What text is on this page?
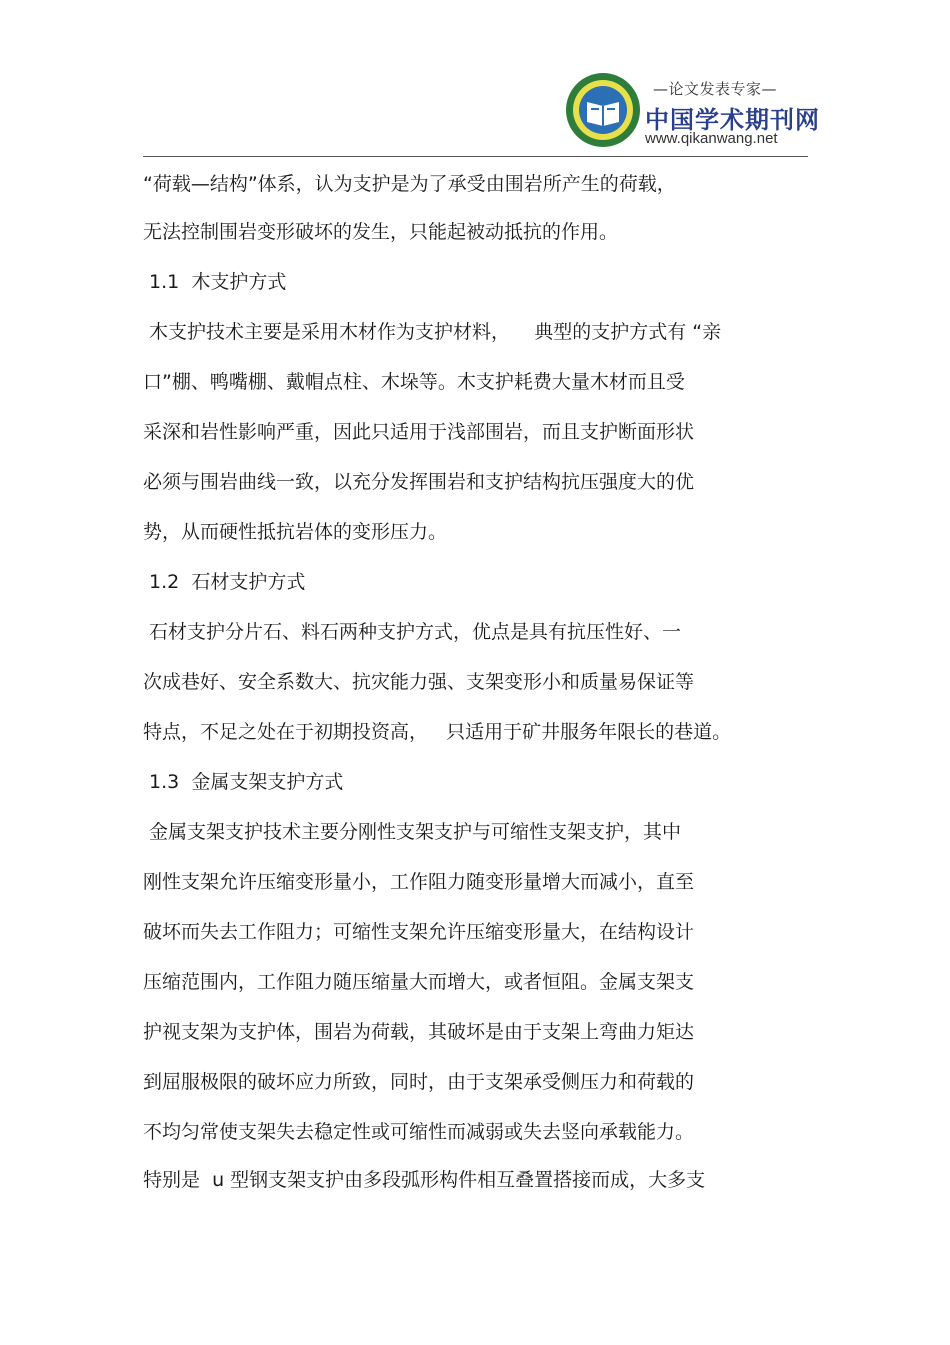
—论文发表专家—
中国学术期刊网
www.qikanwang.net
“荷载—结构”体系，认为支护是为了承受由围岩所产生的荷载，
无法控制围岩变形破坏的发生，只能起被动抵抗的作用。
1.1  木支护方式
木支护技术主要是采用木材作为支护材料，    典型的支护方式有 “亲
口”棚、鸭嘴棚、戴帽点柱、木垛等。木支护耗费大量木材而且受
采深和岩性影响严重，因此只适用于浅部围岩，而且支护断面形状
必须与围岩曲线一致，以充分发挥围岩和支护结构抗压强度大的优
势，从而硬性抵抗岩体的变形压力。
1.2  石材支护方式
石材支护分片石、料石两种支护方式，优点是具有抗压性好、一
次成巷好、安全系数大、抗灾能力强、支架变形小和质量易保证等
特点，不足之处在于初期投资高，   只适用于矿井服务年限长的巷道。
1.3  金属支架支护方式
金属支架支护技术主要分刚性支架支护与可缩性支架支护，其中
刚性支架允许压缩变形量小，工作阻力随变形量增大而减小，直至
破坏而失去工作阻力；可缩性支架允许压缩变形量大，在结构设计
压缩范围内，工作阻力随压缩量大而增大，或者恒阻。金属支架支
护视支架为支护体，围岩为荷载，其破坏是由于支架上弯曲力矩达
到屈服极限的破坏应力所致，同时，由于支架承受侧压力和荷载的
不均匀常使支架失去稳定性或可缩性而减弱或失去竖向承载能力。
特别是  u 型钢支架支护由多段弧形构件相互叠置搭接而成，大多支
